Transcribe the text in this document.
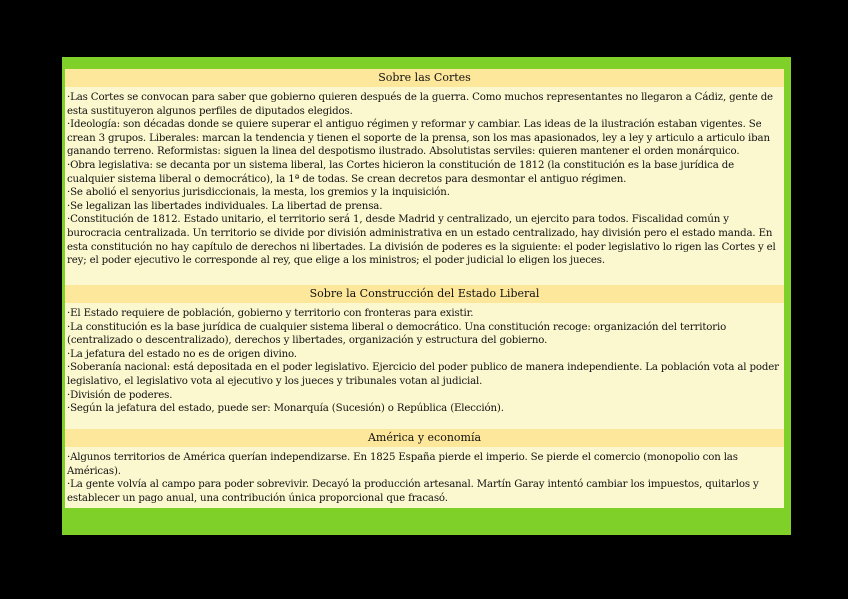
Sobre las Cortes

·Las Cortes se convocan para saber que gobierno quieren después de la guerra. Como muchos representantes no llegaron a Cádiz, gente de esta sustituyeron algunos perfiles de diputados elegidos.

·Ideología: son décadas donde se quiere superar el antiguo régimen y reformar y cambiar. Las ideas de la ilustración estaban vigentes. Se crean 3 grupos. Liberales: marcan la tendencia y tienen el soporte de la prensa, son los mas apasionados, ley a ley y articulo a articulo iban ganando terreno. Reformistas: siguen la linea del despotismo ilustrado. Absolutistas serviles: quieren mantener el orden monárquico.

·Obra legislativa: se decanta por un sistema liberal, las Cortes hicieron la constitución de 1812 (la constitución es la base jurídica de cualquier sistema liberal o democrático), la 1ª de todas. Se crean decretos para desmontar el antiguo régimen.

·Se abolió el senyorius jurisdiccionais, la mesta, los gremios y la inquisición.

·Se legalizan las libertades individuales. La libertad de prensa.

·Constitución de 1812. Estado unitario, el territorio será 1, desde Madrid y centralizado, un ejercito para todos. Fiscalidad común y burocracia centralizada. Un territorio se divide por división administrativa en un estado centralizado, hay división pero el estado manda. En esta constitución no hay capítulo de derechos ni libertades. La división de poderes es la siguiente: el poder legislativo lo rigen las Cortes y el rey; el poder ejecutivo le corresponde al rey, que elige a los ministros; el poder judicial lo eligen los jueces.

Sobre la Construcción del Estado Liberal

·El Estado requiere de población, gobierno y territorio con fronteras para existir.

·La constitución es la base jurídica de cualquier sistema liberal o democrático. Una constitución recoge: organización del territorio (centralizado o descentralizado), derechos y libertades, organización y estructura del gobierno.

·La jefatura del estado no es de origen divino.

·Soberanía nacional: está depositada en el poder legislativo. Ejercicio del poder publico de manera independiente. La población vota al poder legislativo, el legislativo vota al ejecutivo y los jueces y tribunales votan al judicial.

·División de poderes.

·Según la jefatura del estado, puede ser: Monarquía (Sucesión) o República (Elección).

América y economía

·Algunos territorios de América querían independizarse. En 1825 España pierde el imperio. Se pierde el comercio (monopolio con las Américas).

·La gente volvía al campo para poder sobrevivir. Decayó la producción artesanal. Martín Garay intentó cambiar los impuestos, quitarlos y establecer un pago anual, una contribución única proporcional que fracasó.
